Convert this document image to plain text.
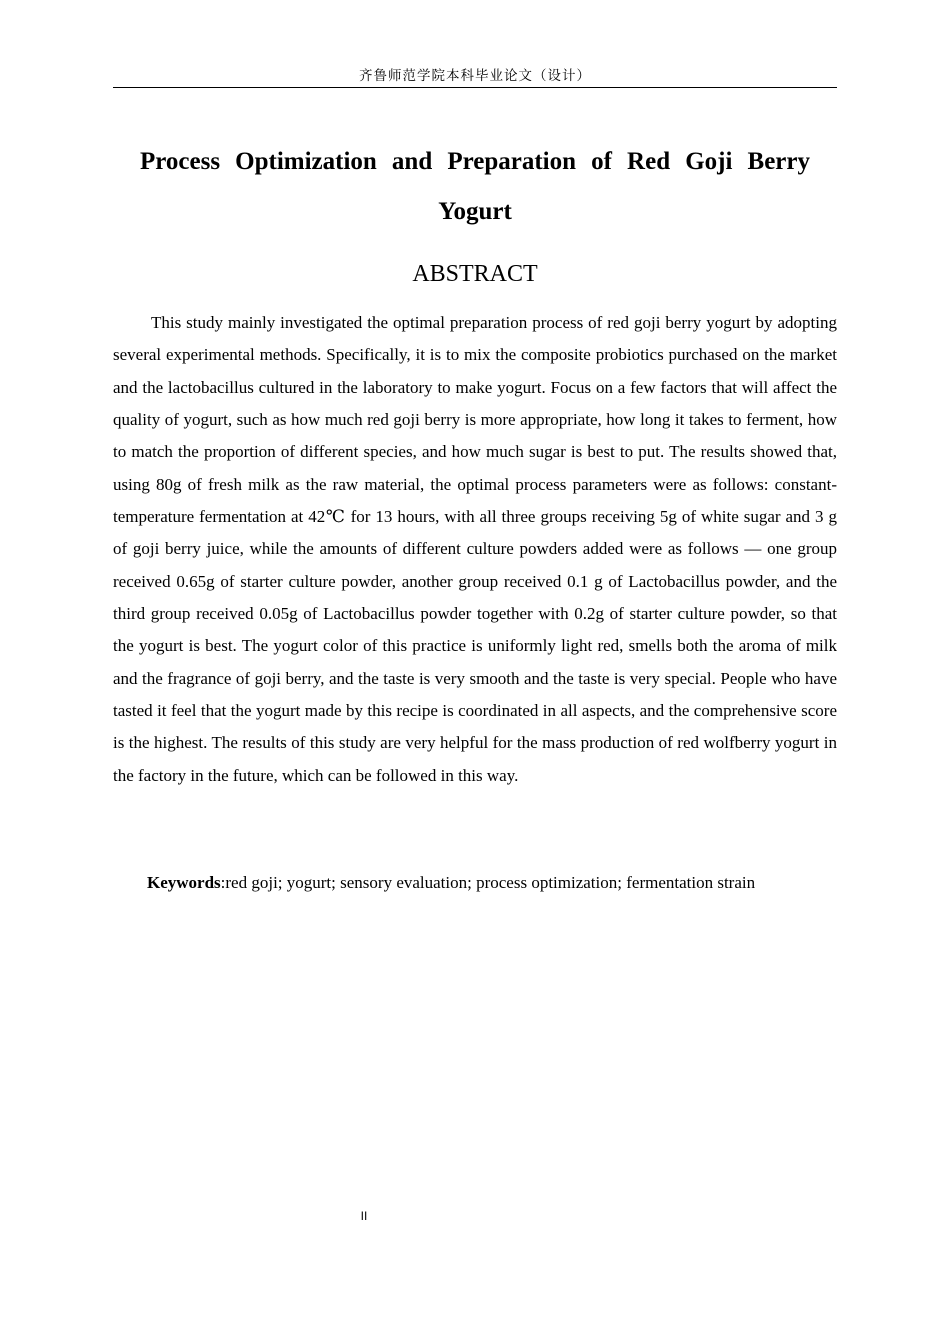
齐鲁师范学院本科毕业论文（设计）
Process Optimization and Preparation of Red Goji Berry Yogurt
ABSTRACT

This study mainly investigated the optimal preparation process of red goji berry yogurt by adopting several experimental methods. Specifically, it is to mix the composite probiotics purchased on the market and the lactobacillus cultured in the laboratory to make yogurt. Focus on a few factors that will affect the quality of yogurt, such as how much red goji berry is more appropriate, how long it takes to ferment, how to match the proportion of different species, and how much sugar is best to put. The results showed that, using 80g of fresh milk as the raw material, the optimal process parameters were as follows: constant-temperature fermentation at 42℃ for 13 hours, with all three groups receiving 5g of white sugar and 3 g of goji berry juice, while the amounts of different culture powders added were as follows — one group received 0.65g of starter culture powder, another group received 0.1 g of Lactobacillus powder, and the third group received 0.05g of Lactobacillus powder together with 0.2g of starter culture powder, so that the yogurt is best. The yogurt color of this practice is uniformly light red, smells both the aroma of milk and the fragrance of goji berry, and the taste is very smooth and the taste is very special. People who have tasted it feel that the yogurt made by this recipe is coordinated in all aspects, and the comprehensive score is the highest. The results of this study are very helpful for the mass production of red wolfberry yogurt in the factory in the future, which can be followed in this way.

Keywords:red goji; yogurt; sensory evaluation; process optimization; fermentation strain

II
